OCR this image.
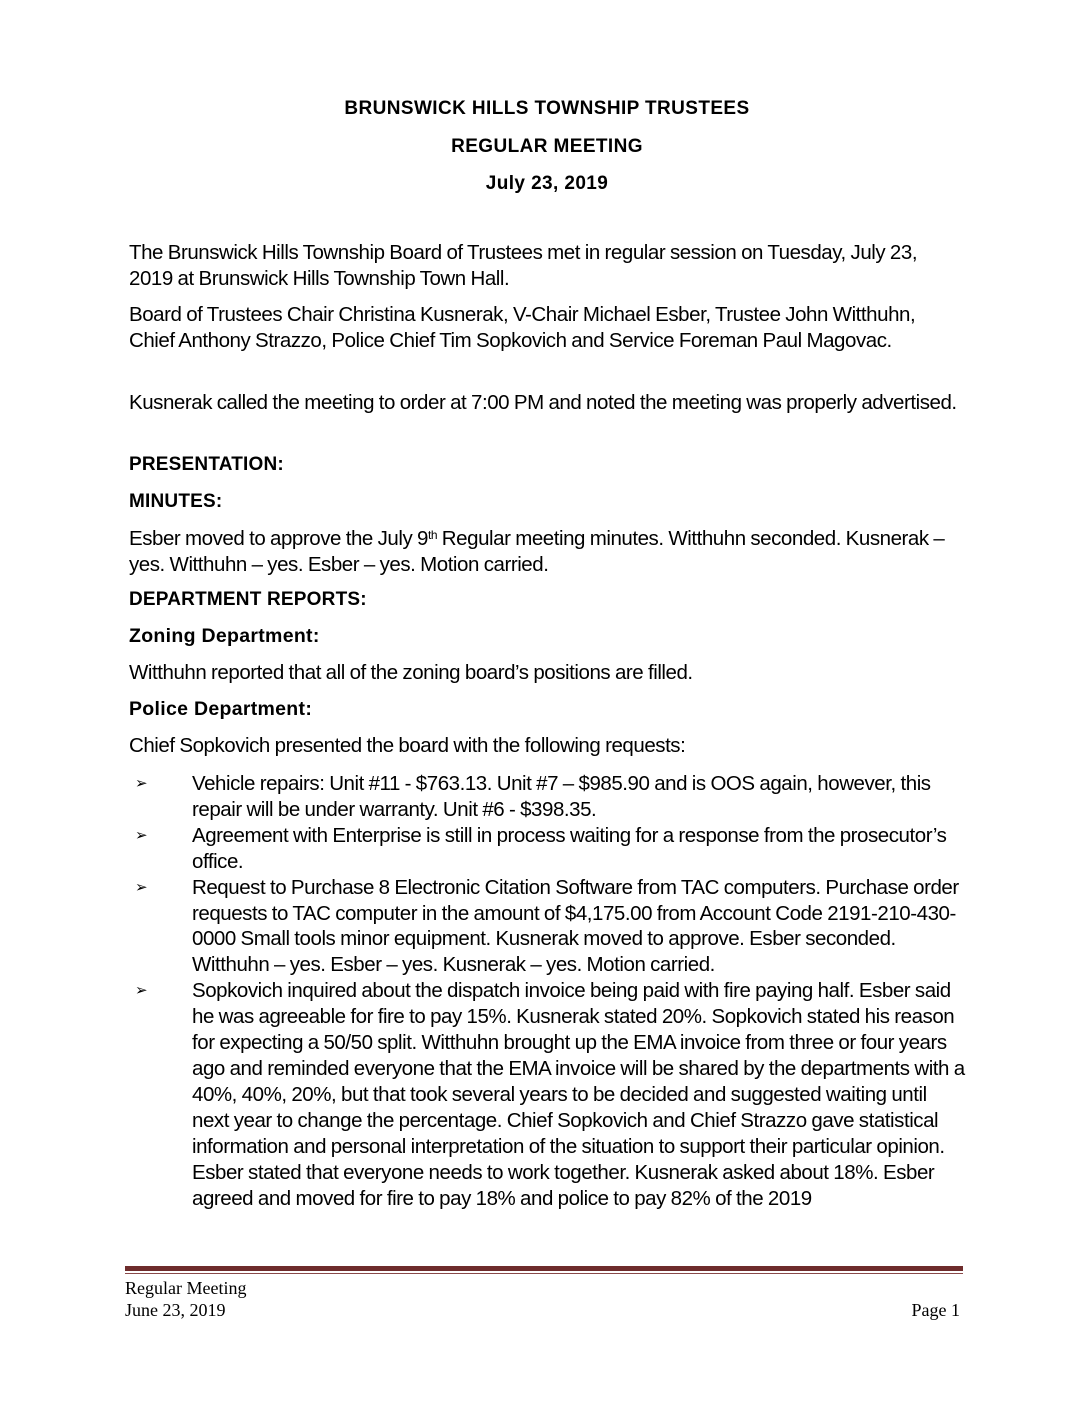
BRUNSWICK HILLS TOWNSHIP TRUSTEES
REGULAR MEETING
July 23, 2019

The Brunswick Hills Township Board of Trustees met in regular session on Tuesday, July 23, 2019 at Brunswick Hills Township Town Hall.

Board of Trustees Chair Christina Kusnerak, V-Chair Michael Esber, Trustee John Witthuhn, Chief Anthony Strazzo, Police Chief Tim Sopkovich and Service Foreman Paul Magovac.

Kusnerak called the meeting to order at 7:00 PM and noted the meeting was properly advertised.

PRESENTATION:
MINUTES:

Esber moved to approve the July 9th Regular meeting minutes. Witthuhn seconded. Kusnerak – yes. Witthuhn – yes. Esber – yes. Motion carried.

DEPARTMENT REPORTS:
Zoning Department:

Witthuhn reported that all of the zoning board’s positions are filled.

Police Department:

Chief Sopkovich presented the board with the following requests:

➢ Vehicle repairs: Unit #11 - $763.13. Unit #7 – $985.90 and is OOS again, however, this repair will be under warranty. Unit #6 - $398.35.
➢ Agreement with Enterprise is still in process waiting for a response from the prosecutor’s office.
➢ Request to Purchase 8 Electronic Citation Software from TAC computers. Purchase order requests to TAC computer in the amount of $4,175.00 from Account Code 2191-210-430-0000 Small tools minor equipment. Kusnerak moved to approve. Esber seconded. Witthuhn – yes. Esber – yes. Kusnerak – yes. Motion carried.
➢ Sopkovich inquired about the dispatch invoice being paid with fire paying half. Esber said he was agreeable for fire to pay 15%. Kusnerak stated 20%. Sopkovich stated his reason for expecting a 50/50 split. Witthuhn brought up the EMA invoice from three or four years ago and reminded everyone that the EMA invoice will be shared by the departments with a 40%, 40%, 20%, but that took several years to be decided and suggested waiting until next year to change the percentage. Chief Sopkovich and Chief Strazzo gave statistical information and personal interpretation of the situation to support their particular opinion. Esber stated that everyone needs to work together. Kusnerak asked about 18%. Esber agreed and moved for fire to pay 18% and police to pay 82% of the 2019
Regular Meeting
June 23, 2019	Page 1
